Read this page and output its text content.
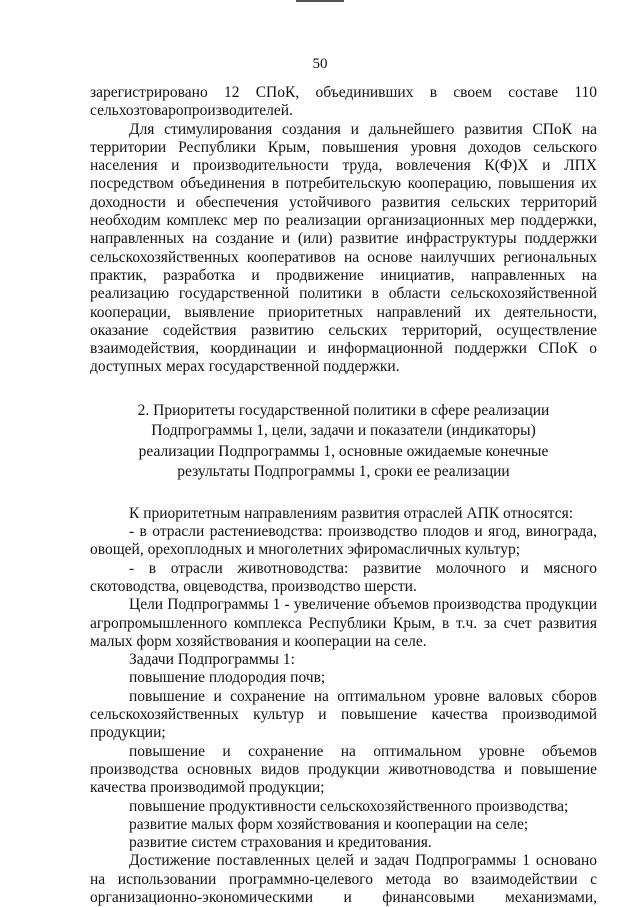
50

зарегистрировано 12 СПоК, объединивших в своем составе 110 сельхозтоваропроизводителей.

Для стимулирования создания и дальнейшего развития СПоК на территории Республики Крым, повышения уровня доходов сельского населения и производительности труда, вовлечения К(Ф)Х и ЛПХ посредством объединения в потребительскую кооперацию, повышения их доходности и обеспечения устойчивого развития сельских территорий необходим комплекс мер по реализации организационных мер поддержки, направленных на создание и (или) развитие инфраструктуры поддержки сельскохозяйственных кооперативов на основе наилучших региональных практик, разработка и продвижение инициатив, направленных на реализацию государственной политики в области сельскохозяйственной кооперации, выявление приоритетных направлений их деятельности, оказание содействия развитию сельских территорий, осуществление взаимодействия, координации и информационной поддержки СПоК о доступных мерах государственной поддержки.

2. Приоритеты государственной политики в сфере реализации
Подпрограммы 1, цели, задачи и показатели (индикаторы)
реализации Подпрограммы 1, основные ожидаемые конечные
результаты Подпрограммы 1, сроки ее реализации

К приоритетным направлениям развития отраслей АПК относятся:

- в отрасли растениеводства: производство плодов и ягод, винограда, овощей, орехоплодных и многолетних эфиромасличных культур;

- в отрасли животноводства: развитие молочного и мясного скотоводства, овцеводства, производство шерсти.

Цели Подпрограммы 1 - увеличение объемов производства продукции агропромышленного комплекса Республики Крым, в т.ч. за счет развития малых форм хозяйствования и кооперации на селе.

Задачи Подпрограммы 1:

повышение плодородия почв;

повышение и сохранение на оптимальном уровне валовых сборов сельскохозяйственных культур и повышение качества производимой продукции;

повышение и сохранение на оптимальном уровне объемов производства основных видов продукции животноводства и повышение качества производимой продукции;

повышение продуктивности сельскохозяйственного производства;

развитие малых форм хозяйствования и кооперации на селе;

развитие систем страхования и кредитования.

Достижение поставленных целей и задач Подпрограммы 1 основано на использовании программно-целевого метода во взаимодействии с организационно-экономическими и финансовыми механизмами,
